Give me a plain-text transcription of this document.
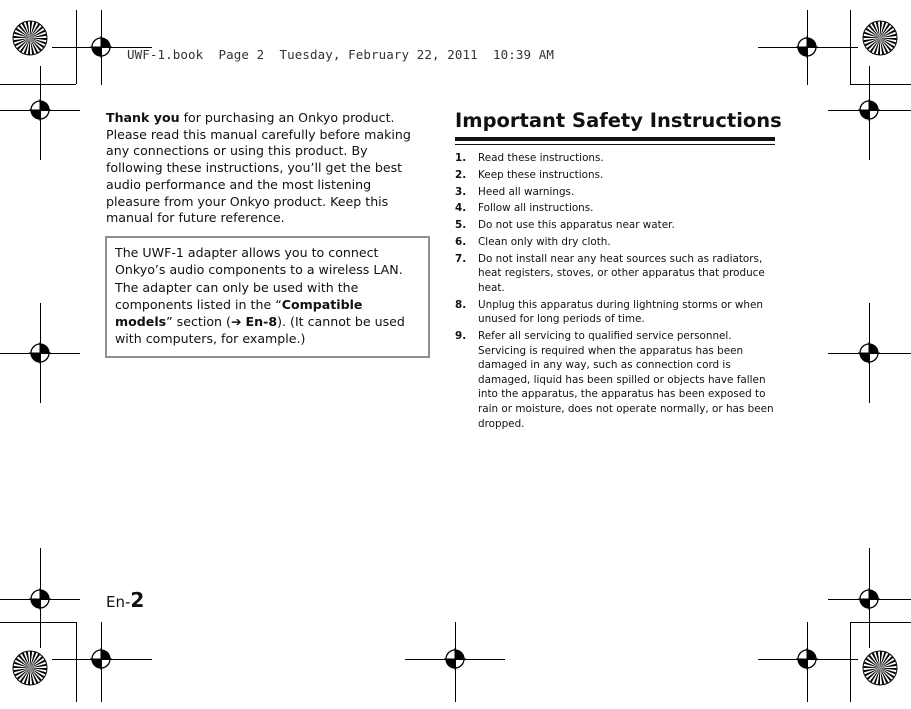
UWF-1.book  Page 2  Tuesday, February 22, 2011  10:39 AM
Thank you for purchasing an Onkyo product. Please read this manual carefully before making any connections or using this product. By following these instructions, you’ll get the best audio performance and the most listening pleasure from your Onkyo product. Keep this manual for future reference.

The UWF-1 adapter allows you to connect Onkyo’s audio components to a wireless LAN.

The adapter can only be used with the components listed in the “Compatible models” section (➔ En-8). (It cannot be used with computers, for example.)

En-2
Important Safety Instructions
1. Read these instructions.
2. Keep these instructions.
3. Heed all warnings.
4. Follow all instructions.
5. Do not use this apparatus near water.
6. Clean only with dry cloth.
7. Do not install near any heat sources such as radiators, heat registers, stoves, or other apparatus that produce heat.
8. Unplug this apparatus during lightning storms or when unused for long periods of time.
9. Refer all servicing to qualified service personnel. Servicing is required when the apparatus has been damaged in any way, such as connection cord is damaged, liquid has been spilled or objects have fallen into the apparatus, the apparatus has been exposed to rain or moisture, does not operate normally, or has been dropped.
